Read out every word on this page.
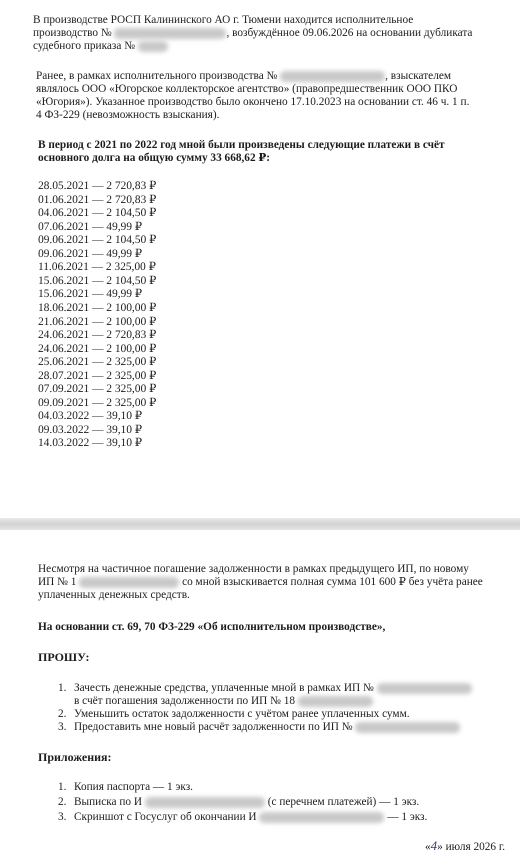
В производстве РОСП Калининского АО г. Тюмени находится исполнительное
производство №	, возбуждённое 09.06.2026 на основании дубликата
судебного приказа №
Ранее, в рамках исполнительного производства №	, взыскателем
являлось ООО «Югорское коллекторское агентство» (правопредшественник ООО ПКО
«Югория»). Указанное производство было окончено 17.10.2023 на основании ст. 46 ч. 1 п.
4 ФЗ-229 (невозможность взыскания).
В период с 2021 по 2022 год мной были произведены следующие платежи в счёт
основного долга на общую сумму 33 668,62 ₽:
28.05.2021 — 2 720,83 ₽
01.06.2021 — 2 720,83 ₽
04.06.2021 — 2 104,50 ₽
07.06.2021 — 49,99 ₽
09.06.2021 — 2 104,50 ₽
09.06.2021 — 49,99 ₽
11.06.2021 — 2 325,00 ₽
15.06.2021 — 2 104,50 ₽
15.06.2021 — 49,99 ₽
18.06.2021 — 2 100,00 ₽
21.06.2021 — 2 100,00 ₽
24.06.2021 — 2 720,83 ₽
24.06.2021 — 2 100,00 ₽
25.06.2021 — 2 325,00 ₽
28.07.2021 — 2 325,00 ₽
07.09.2021 — 2 325,00 ₽
09.09.2021 — 2 325,00 ₽
04.03.2022 — 39,10 ₽
09.03.2022 — 39,10 ₽
14.03.2022 — 39,10 ₽
Несмотря на частичное погашение задолженности в рамках предыдущего ИП, по новому
ИП № 1	со мной взыскивается полная сумма 101 600 ₽ без учёта ранее
уплаченных денежных средств.
На основании ст. 69, 70 ФЗ-229 «Об исполнительном производстве»,
ПРОШУ:
1. Зачесть денежные средства, уплаченные мной в рамках ИП №
в счёт погашения задолженности по ИП № 18
2. Уменьшить остаток задолженности с учётом ранее уплаченных сумм.
3. Предоставить мне новый расчёт задолженности по ИП №
Приложения:
1. Копия паспорта — 1 экз.
2. Выписка по И	(с перечнем платежей) — 1 экз.
3. Скриншот с Госуслуг об окончании И	— 1 экз.
«4» июля 2026 г.
